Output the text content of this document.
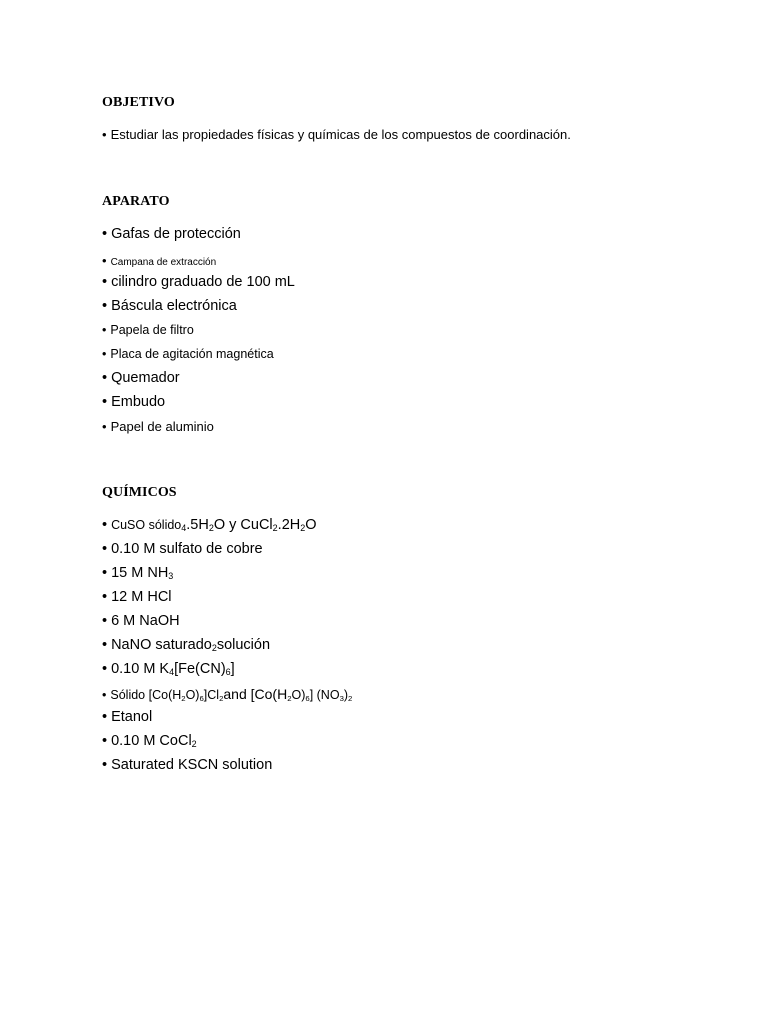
OBJETIVO

• Estudiar las propiedades físicas y químicas de los compuestos de coordinación.

APARATO

• Gafas de protección

• Campana de extracción

• cilindro graduado de 100 mL

• Báscula electrónica

• Papela de filtro

• Placa de agitación magnética

• Quemador

• Embudo

• Papel de aluminio

QUÍMICOS

• CuSO $sólido_4.5H_2O$ y $CuCl_2.2H_2O$

• 0.10 M sulfato de cobre

• 15 M $NH_3$

• 12 M HCl

• 6 M NaOH

• NaNO saturado$_2$solución

• 0.10 M $K_4[Fe(CN)_6]$

• Sólido $[Co(H_2O)_6]Cl_2and$ $[Co(H_2O)_6]$ $(NO_3)_2$

• Etanol

• 0.10 M CoCl$_2$

• Saturated KSCN solution
